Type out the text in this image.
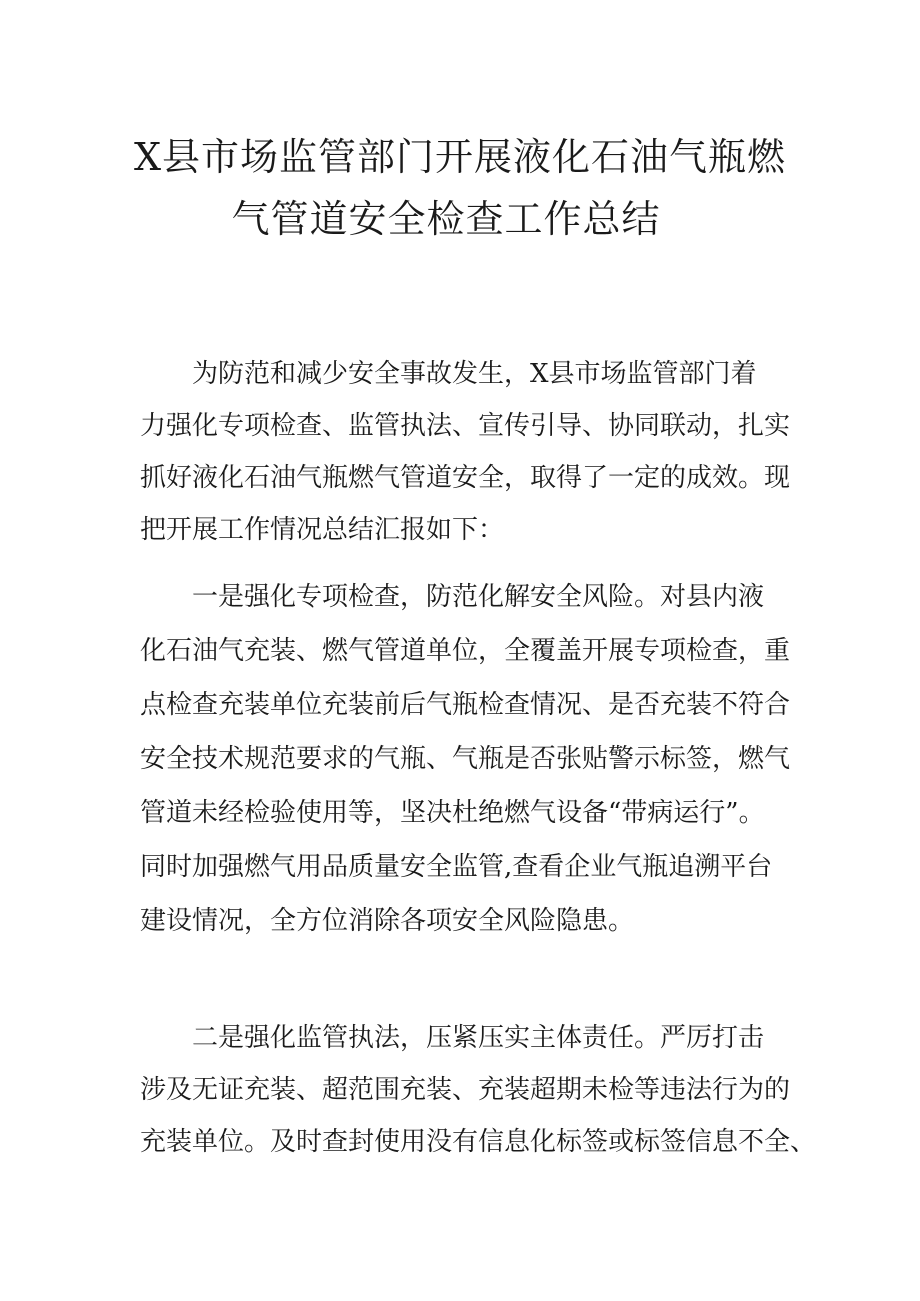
X县市场监管部门开展液化石油气瓶燃
气管道安全检查工作总结
为防范和减少安全事故发生，X县市场监管部门着
力强化专项检查、监管执法、宣传引导、协同联动，扎实
抓好液化石油气瓶燃气管道安全，取得了一定的成效。现
把开展工作情况总结汇报如下：
一是强化专项检查，防范化解安全风险。对县内液
化石油气充装、燃气管道单位，全覆盖开展专项检查，重
点检查充装单位充装前后气瓶检查情况、是否充装不符合
安全技术规范要求的气瓶、气瓶是否张贴警示标签，燃气
管道未经检验使用等，坚决杜绝燃气设备“带病运行”。
同时加强燃气用品质量安全监管,查看企业气瓶追溯平台
建设情况，全方位消除各项安全风险隐患。
二是强化监管执法，压紧压实主体责任。严厉打击
涉及无证充装、超范围充装、充装超期未检等违法行为的
充装单位。及时查封使用没有信息化标签或标签信息不全、
